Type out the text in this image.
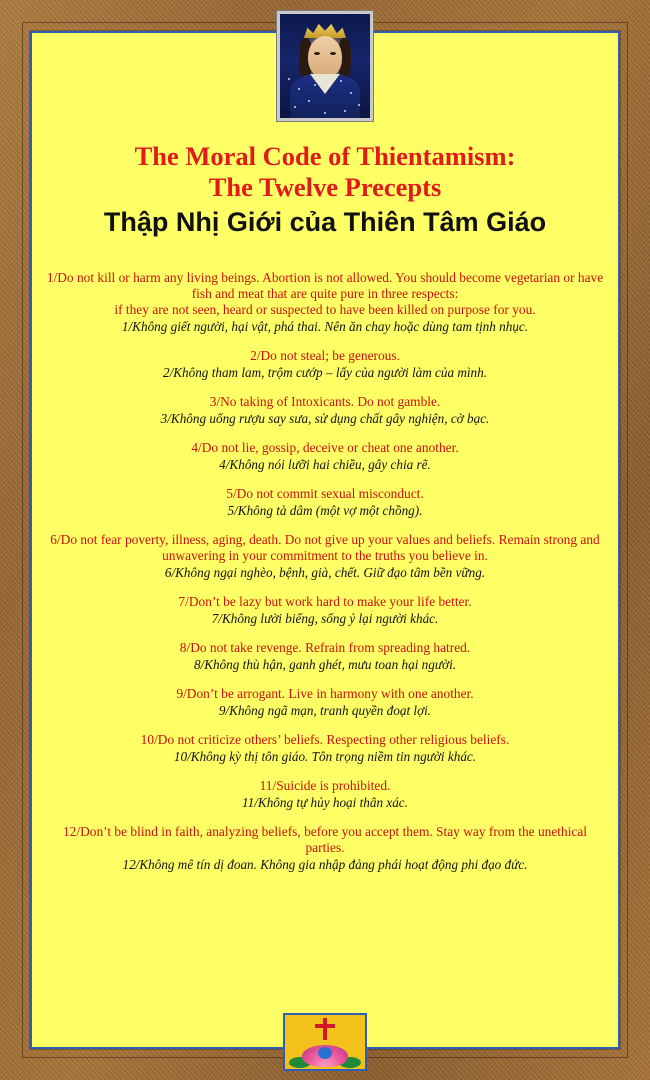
The Moral Code of Thientamism:
The Twelve Precepts
Thập Nhị Giới của Thiên Tâm Giáo
1/Do not kill or harm any living beings. Abortion is not allowed. You should become vegetarian or have fish and meat that are quite pure in three respects:
if they are not seen, heard or suspected to have been killed on purpose for you.
1/Không giết người, hại vật, phá thai. Nên ăn chay hoặc dùng tam tịnh nhục.
2/Do not steal; be generous.
2/Không tham lam, trộm cướp – lấy của người làm của mình.
3/No taking of Intoxicants. Do not gamble.
3/Không uống rượu say sưa, sử dụng chất gây nghiện, cờ bạc.
4/Do not lie, gossip, deceive or cheat one another.
4/Không nói lưỡi hai chiều, gây chia rẽ.
5/Do not commit sexual misconduct.
5/Không tà dâm (một vợ một chồng).
6/Do not fear poverty, illness, aging, death. Do not give up your values and beliefs. Remain strong and unwavering in your commitment to the truths you believe in.
6/Không ngại nghèo, bệnh, già, chết. Giữ đạo tâm bền vững.
7/Don’t be lazy but work hard to make your life better.
7/Không lười biếng, sống ỷ lại người khác.
8/Do not take revenge. Refrain from spreading hatred.
8/Không thù hận, ganh ghét, mưu toan hại người.
9/Don’t be arrogant. Live in harmony with one another.
9/Không ngã mạn, tranh quyền đoạt lợi.
10/Do not criticize others’ beliefs. Respecting other religious beliefs.
10/Không kỳ thị tôn giáo. Tôn trọng niềm tin người khác.
11/Suicide is prohibited.
11/Không tự hủy hoại thân xác.
12/Don’t be blind in faith, analyzing beliefs, before you accept them. Stay way from the unethical parties.
12/Không mê tín dị đoan. Không gia nhập đảng phái hoạt động phi đạo đức.
